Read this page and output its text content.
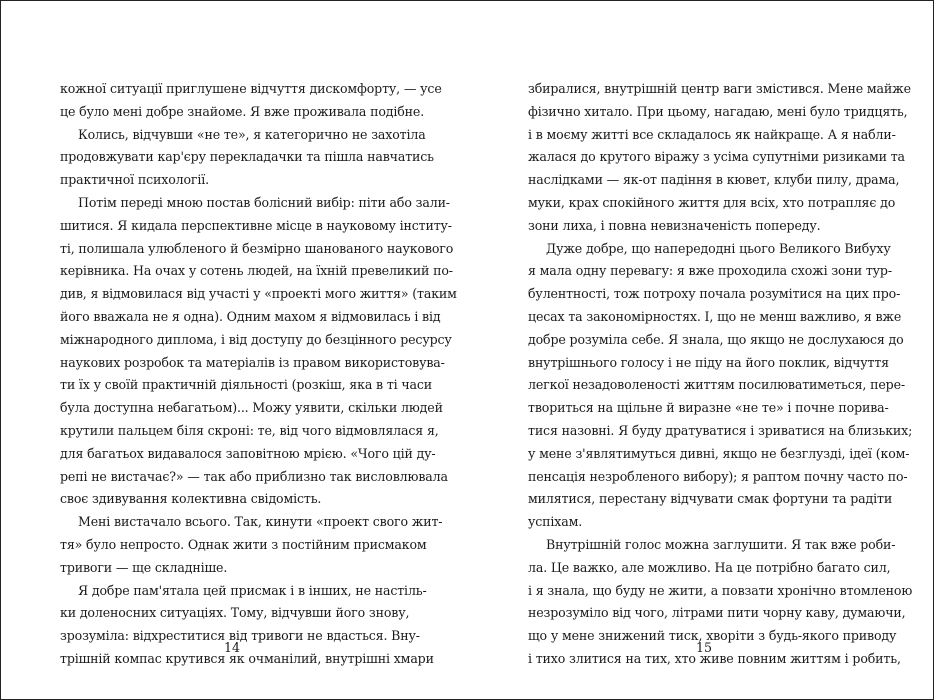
кожної ситуації приглушене відчуття дискомфорту, — усе
це було мені добре знайоме. Я вже проживала подібне.
Колись, відчувши «не те», я категорично не захотіла
продовжувати кар'єру перекладачки та пішла навчатись
практичної психології.
Потім переді мною постав болісний вибір: піти або зали-
шитися. Я кидала перспективне місце в науковому інститу-
ті, полишала улюбленого й безмірно шанованого наукового
керівника. На очах у сотень людей, на їхній превеликий по-
див, я відмовилася від участі у «проекті мого життя» (таким
його вважала не я одна). Одним махом я відмовилась і від
міжнародного диплома, і від доступу до безцінного ресурсу
наукових розробок та матеріалів із правом використовува-
ти їх у своїй практичній діяльності (розкіш, яка в ті часи
була доступна небагатьом)... Можу уявити, скільки людей
крутили пальцем біля скроні: те, від чого відмовлялася я,
для багатьох видавалося заповітною мрією. «Чого цій ду-
репі не вистачає?» — так або приблизно так висловлювала
своє здивування колективна свідомість.
Мені вистачало всього. Так, кинути «проект свого жит-
тя» було непросто. Однак жити з постійним присмаком
тривоги — ще складніше.
Я добре пам'ятала цей присмак і в інших, не настіль-
ки доленосних ситуаціях. Тому, відчувши його знову,
зрозуміла: відхреститися від тривоги не вдасться. Вну-
трішній компас крутився як очманілий, внутрішні хмари
14
збиралися, внутрішній центр ваги змістився. Мене майже
фізично хитало. При цьому, нагадаю, мені було тридцять,
і в моєму житті все складалось як найкраще. А я набли-
жалася до крутого віражу з усіма супутніми ризиками та
наслідками — як-от падіння в кювет, клуби пилу, драма,
муки, крах спокійного життя для всіх, хто потрапляє до
зони лиха, і повна невизначеність попереду.
Дуже добре, що напередодні цього Великого Вибуху
я мала одну перевагу: я вже проходила схожі зони тур-
булентності, тож потроху почала розумітися на цих про-
цесах та закономірностях. І, що не менш важливо, я вже
добре розуміла себе. Я знала, що якщо не дослухаюся до
внутрішнього голосу і не піду на його поклик, відчуття
легкої незадоволеності життям посилюватиметься, пере-
твориться на щільне й виразне «не те» і почне порива-
тися назовні. Я буду дратуватися і зриватися на близьких;
у мене з'являтимуться дивні, якщо не безглузді, ідеї (ком-
пенсація незробленого вибору); я раптом почну часто по-
милятися, перестану відчувати смак фортуни та радіти
успіхам.
Внутрішній голос можна заглушити. Я так вже роби-
ла. Це важко, але можливо. На це потрібно багато сил,
і я знала, що буду не жити, а повзати хронічно втомленою
незрозуміло від чого, літрами пити чорну каву, думаючи,
що у мене знижений тиск, хворіти з будь-якого приводу
і тихо злитися на тих, хто живе повним життям і робить,
15
